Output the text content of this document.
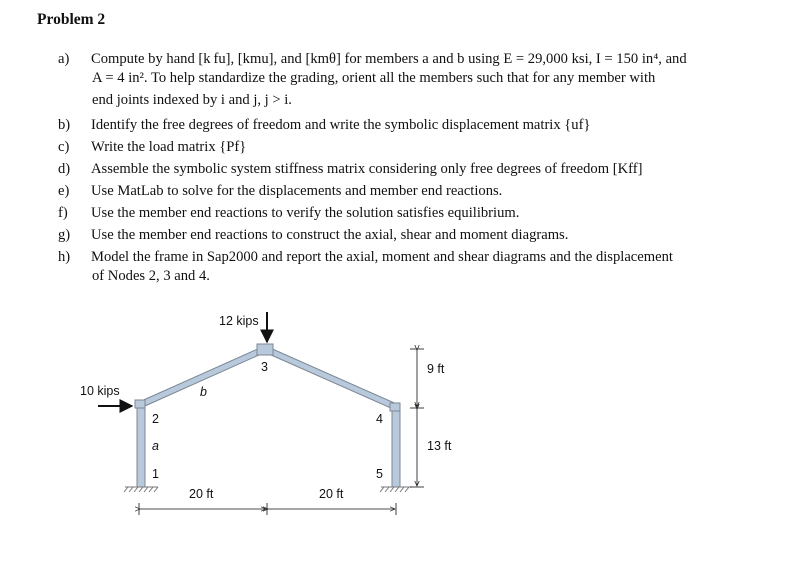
Problem 2
a) Compute by hand [k fu], [kmu], and [kmθ] for members a and b using E = 29,000 ksi, I = 150 in⁴, and
A = 4 in². To help standardize the grading, orient all the members such that for any member with
end joints indexed by i and j, j > i.
b) Identify the free degrees of freedom and write the symbolic displacement matrix {uf}
c) Write the load matrix {Pf}
d) Assemble the symbolic system stiffness matrix considering only free degrees of freedom [Kff]
e) Use MatLab to solve for the displacements and member end reactions.
f) Use the member end reactions to verify the solution satisfies equilibrium.
g) Use the member end reactions to construct the axial, shear and moment diagrams.
h) Model the frame in Sap2000 and report the axial, moment and shear diagrams and the displacement
of Nodes 2, 3 and 4.
12 kips
10 kips
2
1
3
4
5
a
b
20 ft	20 ft
9 ft
13 ft
